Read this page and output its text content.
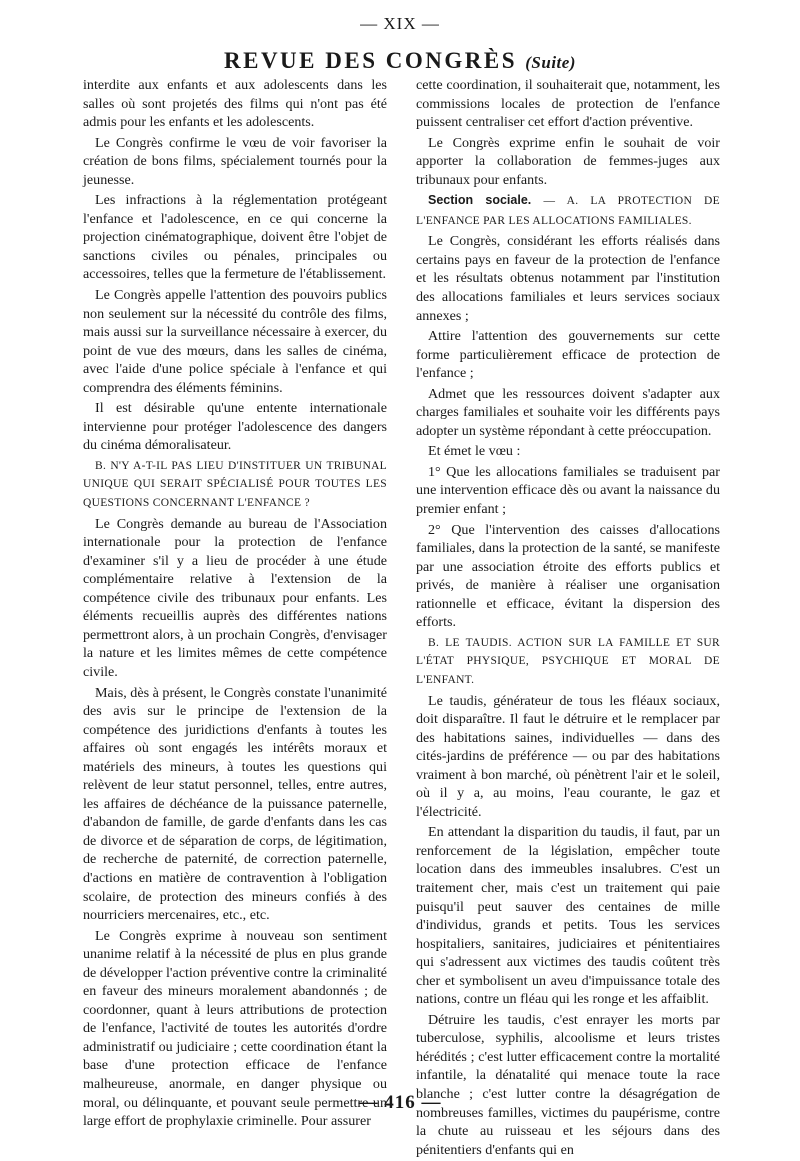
— XIX —
REVUE DES CONGRÈS (Suite)

interdite aux enfants et aux adolescents dans les salles où sont projetés des films qui n'ont pas été admis pour les enfants et les adolescents.

Le Congrès confirme le vœu de voir favoriser la création de bons films, spécialement tournés pour la jeunesse.

Les infractions à la réglementation protégeant l'enfance et l'adolescence, en ce qui concerne la projection cinématographique, doivent être l'objet de sanctions civiles ou pénales, principales ou accessoires, telles que la fermeture de l'établissement.

Le Congrès appelle l'attention des pouvoirs publics non seulement sur la nécessité du contrôle des films, mais aussi sur la surveillance nécessaire à exercer, du point de vue des mœurs, dans les salles de cinéma, avec l'aide d'une police spéciale à l'enfance et qui comprendra des éléments féminins.

Il est désirable qu'une entente internationale intervienne pour protéger l'adolescence des dangers du cinéma démoralisateur.

B. N'Y A-T-IL PAS LIEU D'INSTITUER UN TRIBUNAL UNIQUE QUI SERAIT SPÉCIALISÉ POUR TOUTES LES QUESTIONS CONCERNANT L'ENFANCE ?

Le Congrès demande au bureau de l'Association internationale pour la protection de l'enfance d'examiner s'il y a lieu de procéder à une étude complémentaire relative à l'extension de la compétence civile des tribunaux pour enfants. Les éléments recueillis auprès des différentes nations permettront alors, à un prochain Congrès, d'envisager la nature et les limites mêmes de cette compétence civile.

Mais, dès à présent, le Congrès constate l'unanimité des avis sur le principe de l'extension de la compétence des juridictions d'enfants à toutes les affaires où sont engagés les intérêts moraux et matériels des mineurs, à toutes les questions qui relèvent de leur statut personnel, telles, entre autres, les affaires de déchéance de la puissance paternelle, d'abandon de famille, de garde d'enfants dans les cas de divorce et de séparation de corps, de légitimation, de recherche de paternité, de correction paternelle, d'actions en matière de contravention à l'obligation scolaire, de protection des mineurs confiés à des nourriciers mercenaires, etc., etc.

Le Congrès exprime à nouveau son sentiment unanime relatif à la nécessité de plus en plus grande de développer l'action préventive contre la criminalité en faveur des mineurs moralement abandonnés ; de coordonner, quant à leurs attributions de protection de l'enfance, l'activité de toutes les autorités d'ordre administratif ou judiciaire ; cette coordination étant la base d'une protection efficace de l'enfance malheureuse, anormale, en danger physique ou moral, ou délinquante, et pouvant seule permettre un large effort de prophylaxie criminelle. Pour assurer

cette coordination, il souhaiterait que, notamment, les commissions locales de protection de l'enfance puissent centraliser cet effort d'action préventive.

Le Congrès exprime enfin le souhait de voir apporter la collaboration de femmes-juges aux tribunaux pour enfants.

Section sociale. — A. LA PROTECTION DE L'ENFANCE PAR LES ALLOCATIONS FAMILIALES.

Le Congrès, considérant les efforts réalisés dans certains pays en faveur de la protection de l'enfance et les résultats obtenus notamment par l'institution des allocations familiales et leurs services sociaux annexes ;

Attire l'attention des gouvernements sur cette forme particulièrement efficace de protection de l'enfance ;

Admet que les ressources doivent s'adapter aux charges familiales et souhaite voir les différents pays adopter un système répondant à cette préoccupation.

Et émet le vœu :

1° Que les allocations familiales se traduisent par une intervention efficace dès ou avant la naissance du premier enfant ;

2° Que l'intervention des caisses d'allocations familiales, dans la protection de la santé, se manifeste par une association étroite des efforts publics et privés, de manière à réaliser une organisation rationnelle et efficace, évitant la dispersion des efforts.

B. LE TAUDIS. ACTION SUR LA FAMILLE ET SUR L'ÉTAT PHYSIQUE, PSYCHIQUE ET MORAL DE L'ENFANT.

Le taudis, générateur de tous les fléaux sociaux, doit disparaître. Il faut le détruire et le remplacer par des habitations saines, individuelles — dans des cités-jardins de préférence — ou par des habitations vraiment à bon marché, où pénètrent l'air et le soleil, où il y a, au moins, l'eau courante, le gaz et l'électricité.

En attendant la disparition du taudis, il faut, par un renforcement de la législation, empêcher toute location dans des immeubles insalubres. C'est un traitement cher, mais c'est un traitement qui paie puisqu'il peut sauver des centaines de mille d'individus, grands et petits. Tous les services hospitaliers, sanitaires, judiciaires et pénitentiaires qui s'adressent aux victimes des taudis coûtent très cher et symbolisent un aveu d'impuissance totale des nations, contre un fléau qui les ronge et les affaiblit.

Détruire les taudis, c'est enrayer les morts par tuberculose, syphilis, alcoolisme et leurs tristes hérédités ; c'est lutter efficacement contre la mortalité infantile, la dénatalité qui menace toute la race blanche ; c'est lutter contre la désagrégation de nombreuses familles, victimes du paupérisme, contre la chute au ruisseau et les séjours dans des pénitentiers d'enfants qui en

— 416 —
